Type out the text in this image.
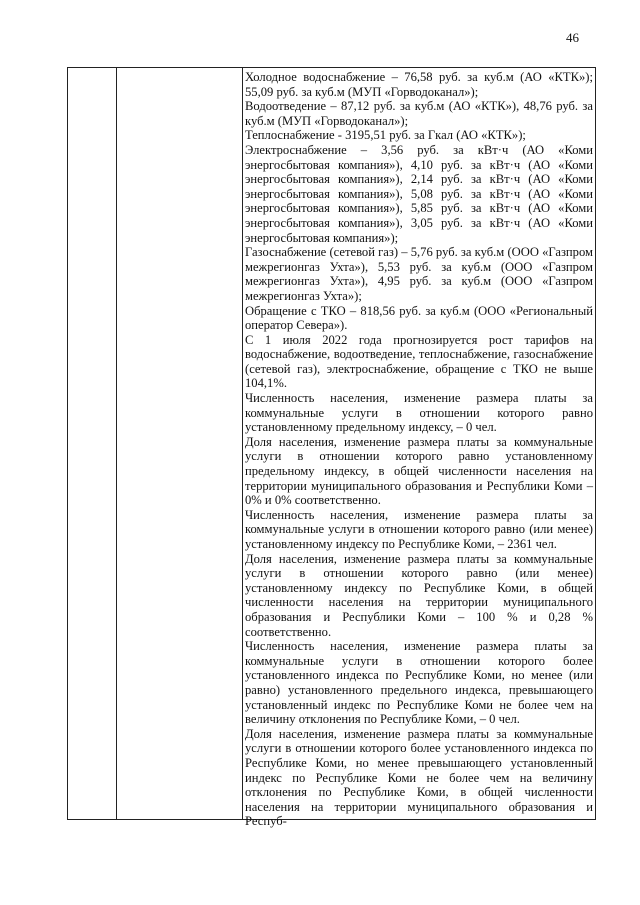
46

Холодное водоснабжение – 76,58 руб. за куб.м (АО «КТК»); 55,09 руб. за куб.м (МУП «Горводоканал»);

Водоотведение – 87,12 руб. за куб.м (АО «КТК»), 48,76 руб. за куб.м (МУП «Горводоканал»);

Теплоснабжение - 3195,51 руб. за Гкал (АО «КТК»);

Электроснабжение – 3,56 руб. за кВт·ч (АО «Коми энергосбытовая компания»), 4,10 руб. за кВт·ч (АО «Коми энергосбытовая компания»), 2,14 руб. за кВт·ч (АО «Коми энергосбытовая компания»), 5,08 руб. за кВт·ч (АО «Коми энергосбытовая компания»), 5,85 руб. за кВт·ч (АО «Коми энергосбытовая компания»), 3,05 руб. за кВт·ч (АО «Коми энергосбытовая компания»);

Газоснабжение (сетевой газ) – 5,76 руб. за куб.м (ООО «Газпром межрегионгаз Ухта»), 5,53 руб. за куб.м (ООО «Газпром межрегионгаз Ухта»), 4,95 руб. за куб.м (ООО «Газпром межрегионгаз Ухта»);

Обращение с ТКО – 818,56 руб. за куб.м (ООО «Региональный оператор Севера»).

С 1 июля 2022 года прогнозируется рост тарифов на водоснабжение, водоотведение, теплоснабжение, газоснабжение (сетевой газ), электроснабжение, обращение с ТКО не выше 104,1%.

Численность населения, изменение размера платы за коммунальные услуги в отношении которого равно установленному предельному индексу, – 0 чел.

Доля населения, изменение размера платы за коммунальные услуги в отношении которого равно установленному предельному индексу, в общей численности населения на территории муниципального образования и Республики Коми – 0% и 0% соответственно.

Численность населения, изменение размера платы за коммунальные услуги в отношении которого равно (или менее) установленному индексу по Республике Коми, – 2361 чел.

Доля населения, изменение размера платы за коммунальные услуги в отношении которого равно (или менее) установленному индексу по Республике Коми, в общей численности населения на территории муниципального образования и Республики Коми – 100 % и 0,28 % соответственно.

Численность населения, изменение размера платы за коммунальные услуги в отношении которого более установленного индекса по Республике Коми, но менее (или равно) установленного предельного индекса, превышающего установленный индекс по Республике Коми не более чем на величину отклонения по Республике Коми, – 0 чел.

Доля населения, изменение размера платы за коммунальные услуги в отношении которого более установленного индекса по Республике Коми, но менее превышающего установленный индекс по Республике Коми не более чем на величину отклонения по Республике Коми, в общей численности населения на территории муниципального образования и Респуб-
